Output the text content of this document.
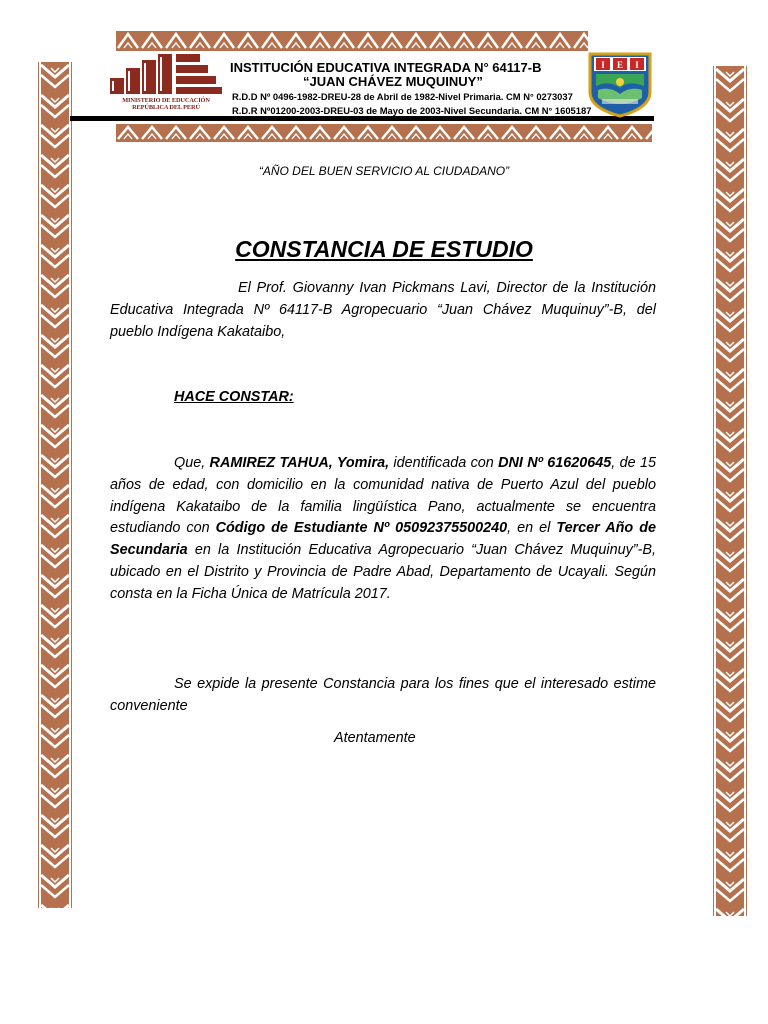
MINISTERIO DE EDUCACIÓN
REPÚBLICA DEL PERÚ
INSTITUCIÓN EDUCATIVA INTEGRADA N° 64117-B
“JUAN CHÁVEZ MUQUINUY”
R.D.D Nº 0496-1982-DREU-28 de Abril de 1982-Nivel Primaria. CM N° 0273037
R.D.R Nº01200-2003-DREU-03 de Mayo de 2003-Nivel Secundaria. CM N° 1605187
I E I
“AÑO DEL BUEN SERVICIO AL CIUDADANO”
CONSTANCIA DE ESTUDIO
El Prof. Giovanny Ivan Pickmans Lavi, Director de la Institución Educativa Integrada Nº 64117-B Agropecuario “Juan Chávez Muquinuy”-B, del pueblo Indígena Kakataibo,
HACE CONSTAR:
Que, RAMIREZ TAHUA, Yomira, identificada con DNI Nº 61620645, de 15 años de edad, con domicilio en la comunidad nativa de Puerto Azul del pueblo indígena Kakataibo de la familia lingüística Pano, actualmente se encuentra estudiando con Código de Estudiante Nº 05092375500240, en el Tercer Año de Secundaria en la Institución Educativa Agropecuario “Juan Chávez Muquinuy”-B, ubicado en el Distrito y Provincia de Padre Abad, Departamento de Ucayali. Según consta en la Ficha Única de Matrícula 2017.
Se expide la presente Constancia para los fines que el interesado estime conveniente
Atentamente
